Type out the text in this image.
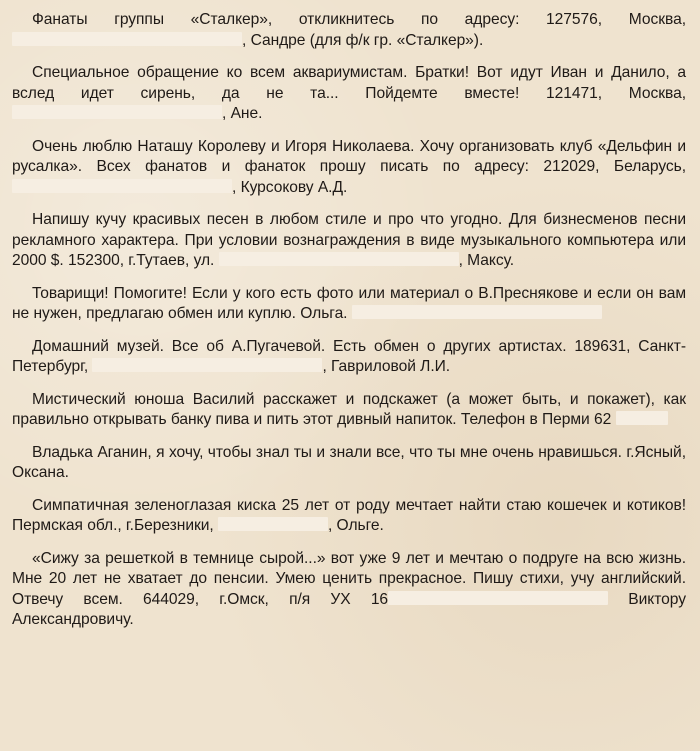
Фанаты группы «Сталкер», откликнитесь по адресу: 127576, Москва, , Сандре (для ф/к гр. «Сталкер»).

Специальное обращение ко всем аквариумистам. Братки! Вот идут Иван и Данило, а вслед идет сирень, да не та... Пойдемте вместе! 121471, Москва, , Ане.

Очень люблю Наташу Королеву и Игоря Николаева. Хочу организовать клуб «Дельфин и русалка». Всех фанатов и фанаток прошу писать по адресу: 212029, Беларусь, , Курсокову А.Д.

Напишу кучу красивых песен в любом стиле и про что угодно. Для бизнесменов песни рекламного характера. При условии вознаграждения в виде музыкального компьютера или 2000 $. 152300, г.Тутаев, ул.	, Максу.

Товарищи! Помогите! Если у кого есть фото или материал о В.Преснякове и если он вам не нужен, предлагаю обмен или куплю. Ольга.

Домашний музей. Все об А.Пугачевой. Есть обмен о других артистах. 189631, Санкт-Петербург,	, Гавриловой Л.И.

Мистический юноша Василий расскажет и подскажет (а может быть, и покажет), как правильно открывать банку пива и пить этот дивный напиток. Телефон в Перми 62

Владька Аганин, я хочу, чтобы знал ты и знали все, что ты мне очень нравишься. г.Ясный, Оксана.

Симпатичная зеленоглазая киска 25 лет от роду мечтает найти стаю кошечек и котиков! Пермская обл., г.Березники,	, Ольге.

«Сижу за решеткой в темнице сырой...» вот уже 9 лет и мечтаю о подруге на всю жизнь. Мне 20 лет не хватает до пенсии. Умею ценить прекрасное. Пишу стихи, учу английский. Отвечу всем. 644029, г.Омск, п/я УХ 16	Виктору Александровичу.
